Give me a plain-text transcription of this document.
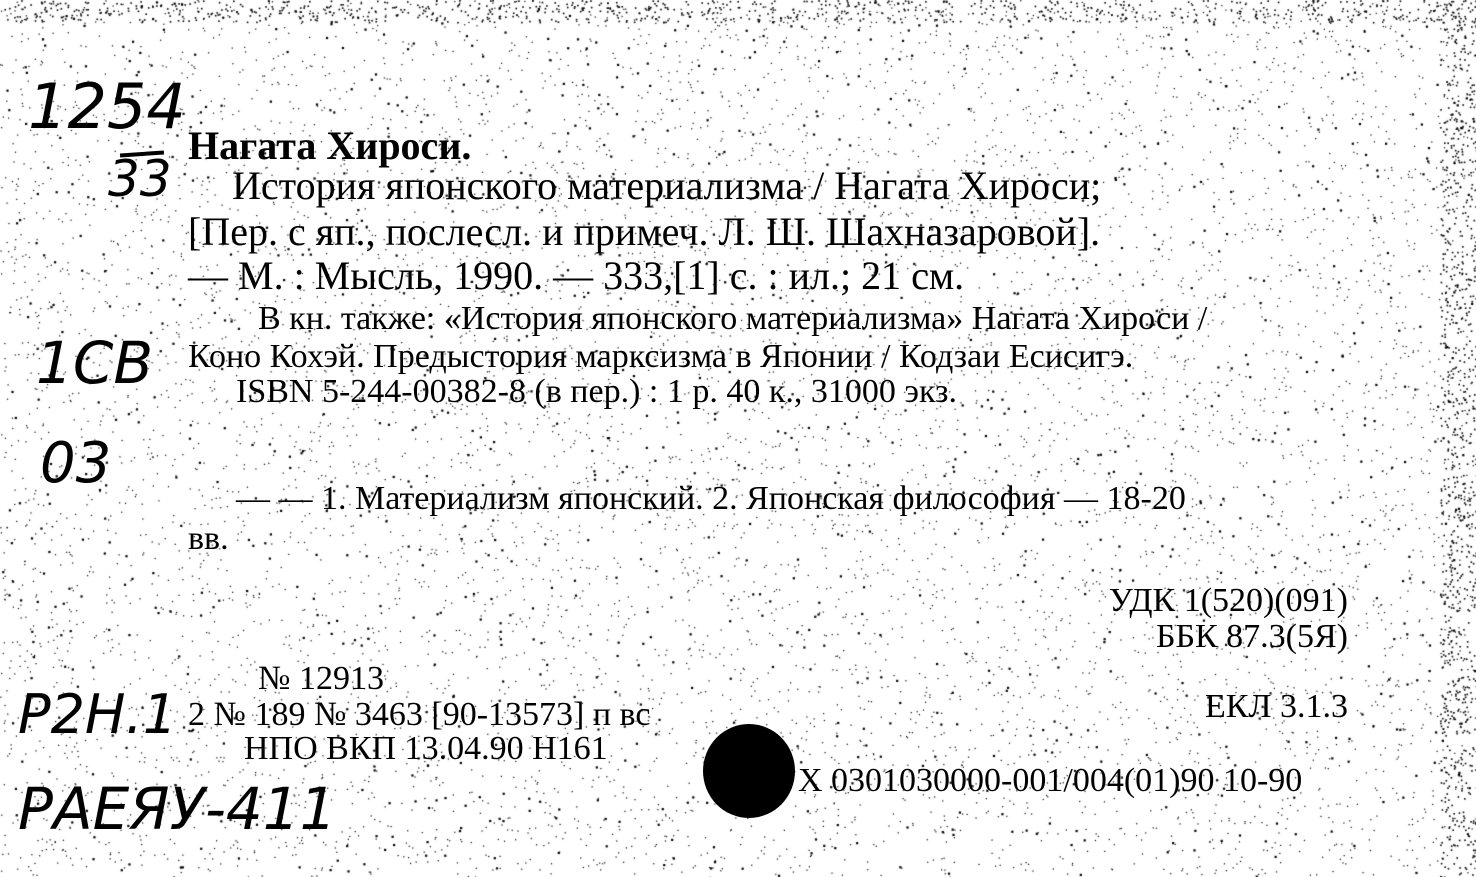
1254
33
1СВ
03
Р2Н.1
РАЕЯУ-411
Нагата Хироси.
История японского материализма / Нагата Хироси;
[Пер. с яп., послесл. и примеч. Л. Ш. Шахназаровой].
— М. : Мысль, 1990. — 333,[1] с. : ил.; 21 см.
В кн. также: «История японского материализма» Нагата Хироси /
Коно Кохэй. Предыстория марксизма в Японии / Кодзаи Есисигэ.
ISBN 5-244-00382-8 (в пер.) : 1 р. 40 к., 31000 экз.
— — 1. Материализм японский. 2. Японская философия — 18-20
вв.
УДК 1(520)(091)
ББК 87.3(5Я)
№ 12913
2 № 189 № 3463 [90-13573] п вс
НПО ВКП 13.04.90 Н161
ЕКЛ 3.1.3
Х 0301030000-001/004(01)90 10-90
